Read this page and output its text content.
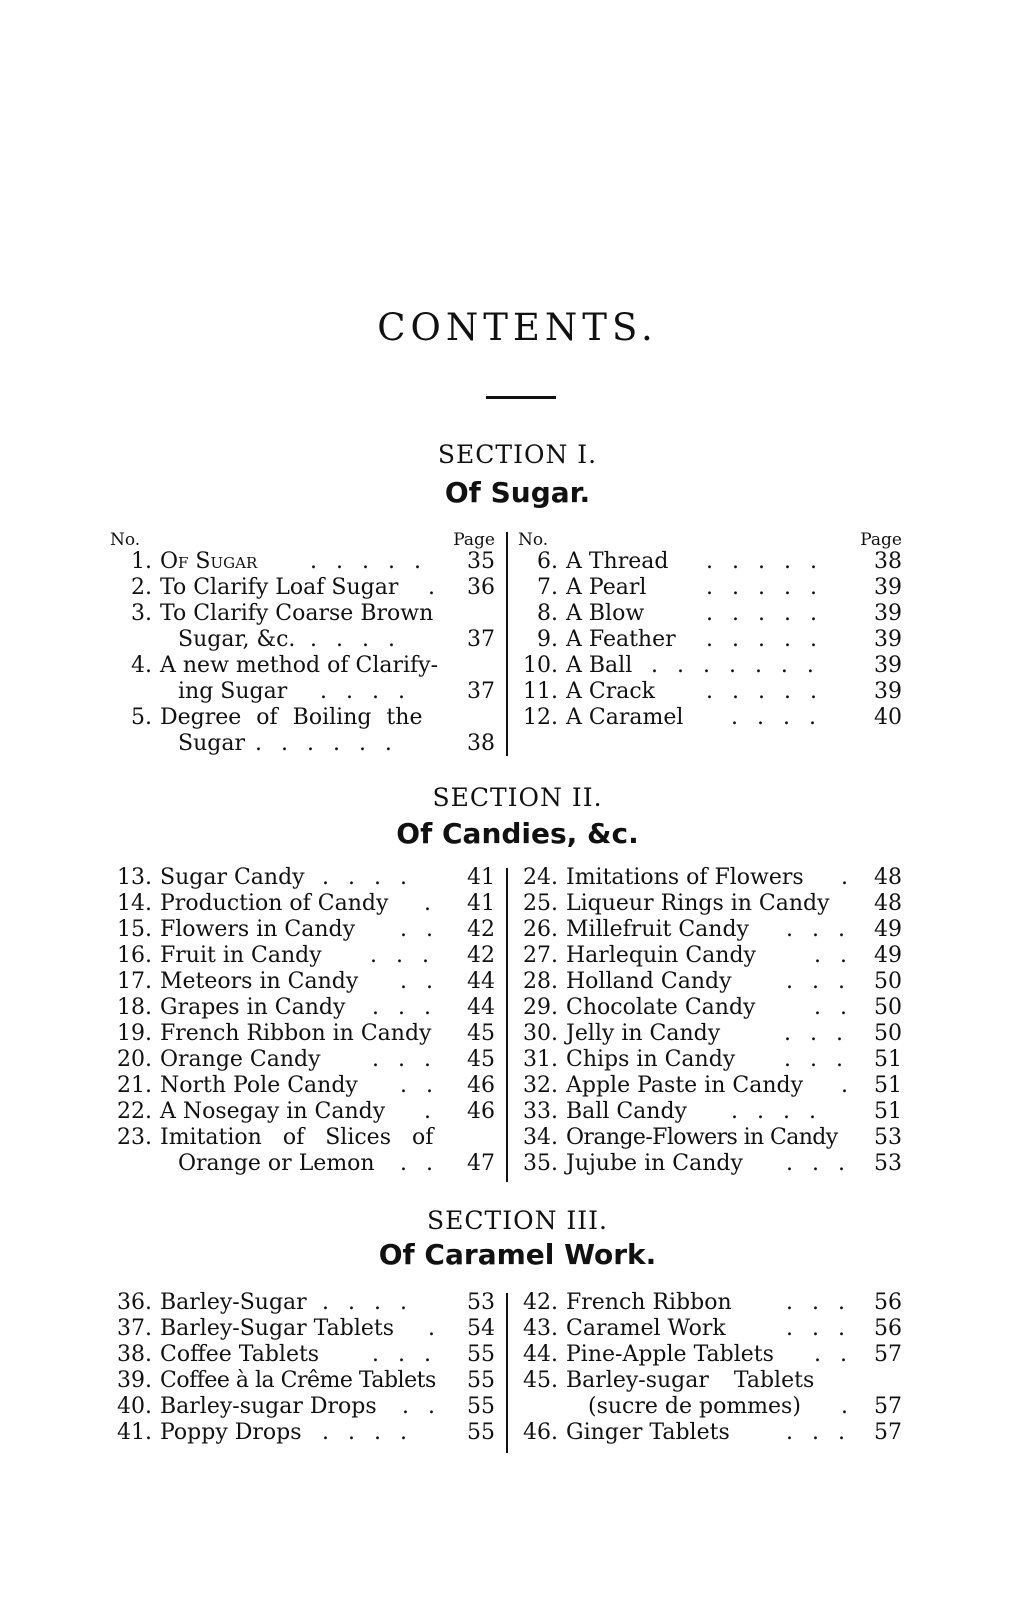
CONTENTS.
SECTION I.
Of Sugar.
No.	Page
1. Of Sugar . . . . . 35
2. To Clarify Loaf Sugar . 36
3. To Clarify Coarse Brown
Sugar, &c. . . . .	37
4. A new method of Clarify-
ing Sugar . . . .	37
5. Degree of Boiling the
Sugar . . . . . .	38
No.	Page
6. A Thread . . . . . 38
7. A Pearl	. . . . . 39
8. A Blow	. . . . . 39
9. A Feather . . . . . 39
10. A Ball . . . . . . . 39
11. A Crack . . . . . 39
12. A Caramel . . . . 40
SECTION II.
Of Candies, &c.
13. Sugar Candy . . . . 41
14. Production of Candy . 41
15. Flowers in Candy . . 42
16. Fruit in Candy . . . 42
17. Meteors in Candy . . 44
18. Grapes in Candy . . . 44
19. French Ribbon in Candy 45
20. Orange Candy . . . 45
21. North Pole Candy . . 46
22. A Nosegay in Candy . 46
23. Imitation of Slices of
Orange or Lemon . . 47
24. Imitations of Flowers . 48
25. Liqueur Rings in Candy 48
26. Millefruit Candy . . . 49
27. Harlequin Candy	. . 49
28. Holland Candy . . . 50
29. Chocolate Candy	. . 50
30. Jelly in Candy	. . . 50
31. Chips in Candy . . . 51
32. Apple Paste in Candy . 51
33. Ball Candy . . . . 51
34. Orange-Flowers in Candy 53
35. Jujube in Candy . . . 53
SECTION III.
Of Caramel Work.
36. Barley-Sugar . . . . 53
37. Barley-Sugar Tablets . 54
38. Coffee Tablets . . . 55
39. Coffee à la Crême Tablets 55
40. Barley-sugar Drops . . 55
41. Poppy Drops . . . . 55
42. French Ribbon . . . 56
43. Caramel Work	. . . 56
44. Pine-Apple Tablets . . 57
45. Barley-sugar Tablets
(sucre de pommes) . 57
46. Ginger Tablets	. . . 57
